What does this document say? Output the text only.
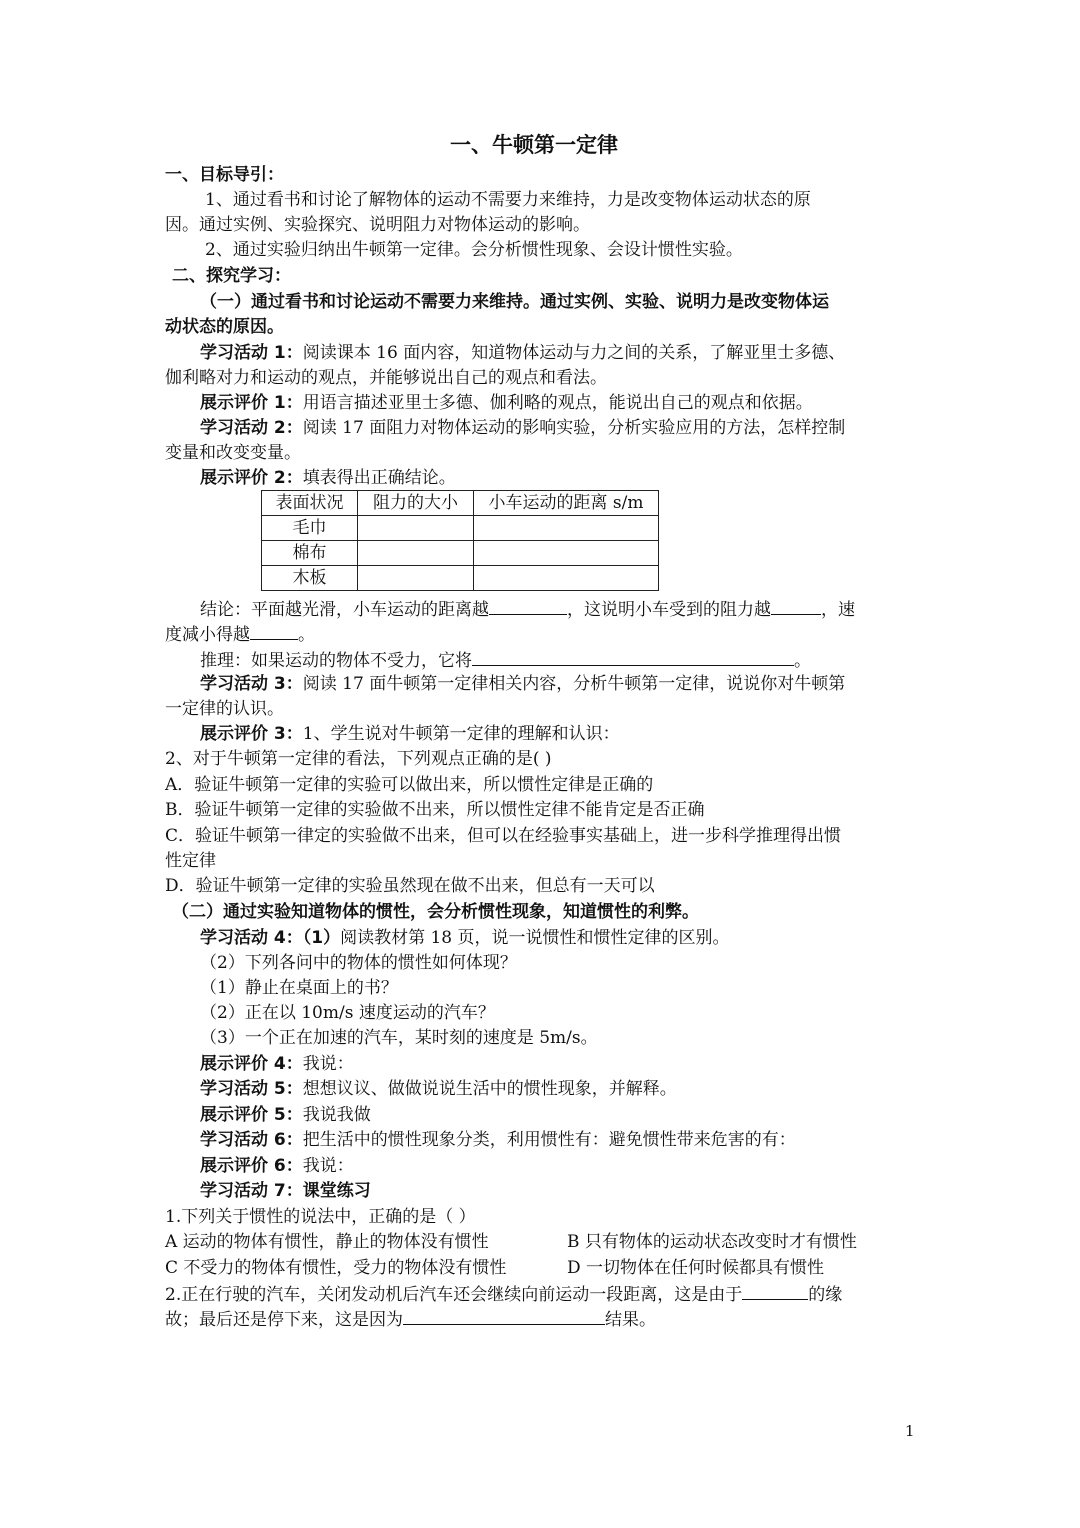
一、牛顿第一定律
一、目标导引：
1、通过看书和讨论了解物体的运动不需要力来维持，力是改变物体运动状态的原
因。通过实例、实验探究、说明阻力对物体运动的影响。
2、通过实验归纳出牛顿第一定律。会分析惯性现象、会设计惯性实验。
二、探究学习：
（一）通过看书和讨论运动不需要力来维持。通过实例、实验、说明力是改变物体运
动状态的原因。
学习活动 1：阅读课本 16 面内容，知道物体运动与力之间的关系，了解亚里士多德、
伽利略对力和运动的观点，并能够说出自己的观点和看法。
展示评价 1：用语言描述亚里士多德、伽利略的观点，能说出自己的观点和依据。
学习活动 2：阅读 17 面阻力对物体运动的影响实验，分析实验应用的方法，怎样控制
变量和改变变量。
展示评价 2：填表得出正确结论。
表面状况	阻力的大小	小车运动的距离 s/m
毛巾		
棉布		
木板		
结论：平面越光滑，小车运动的距离越	，这说明小车受到的阻力越	，速
度减小得越	。
推理：如果运动的物体不受力，它将	。
学习活动 3：阅读 17 面牛顿第一定律相关内容，分析牛顿第一定律，说说你对牛顿第
一定律的认识。
展示评价 3：1、学生说对牛顿第一定律的理解和认识：
2、对于牛顿第一定律的看法，下列观点正确的是( )
A．验证牛顿第一定律的实验可以做出来，所以惯性定律是正确的
B．验证牛顿第一定律的实验做不出来，所以惯性定律不能肯定是否正确
C．验证牛顿第一律定的实验做不出来，但可以在经验事实基础上，进一步科学推理得出惯
性定律
D．验证牛顿第一定律的实验虽然现在做不出来，但总有一天可以
（二）通过实验知道物体的惯性，会分析惯性现象，知道惯性的利弊。
学习活动 4：（1）阅读教材第 18 页，说一说惯性和惯性定律的区别。
（2）下列各问中的物体的惯性如何体现？
（1）静止在桌面上的书？
（2）正在以 10m/s 速度运动的汽车？
（3）一个正在加速的汽车，某时刻的速度是 5m/s。
展示评价 4：我说：
学习活动 5：想想议议、做做说说生活中的惯性现象，并解释。
展示评价 5：我说我做
学习活动 6：把生活中的惯性现象分类，利用惯性有：避免惯性带来危害的有：
展示评价 6：我说：
学习活动 7：课堂练习
1.下列关于惯性的说法中，正确的是（ ）
A 运动的物体有惯性，静止的物体没有惯性	B 只有物体的运动状态改变时才有惯性
C 不受力的物体有惯性，受力的物体没有惯性	D 一切物体在任何时候都具有惯性
2.正在行驶的汽车，关闭发动机后汽车还会继续向前运动一段距离，这是由于	的缘
故；最后还是停下来，这是因为	结果。
1
